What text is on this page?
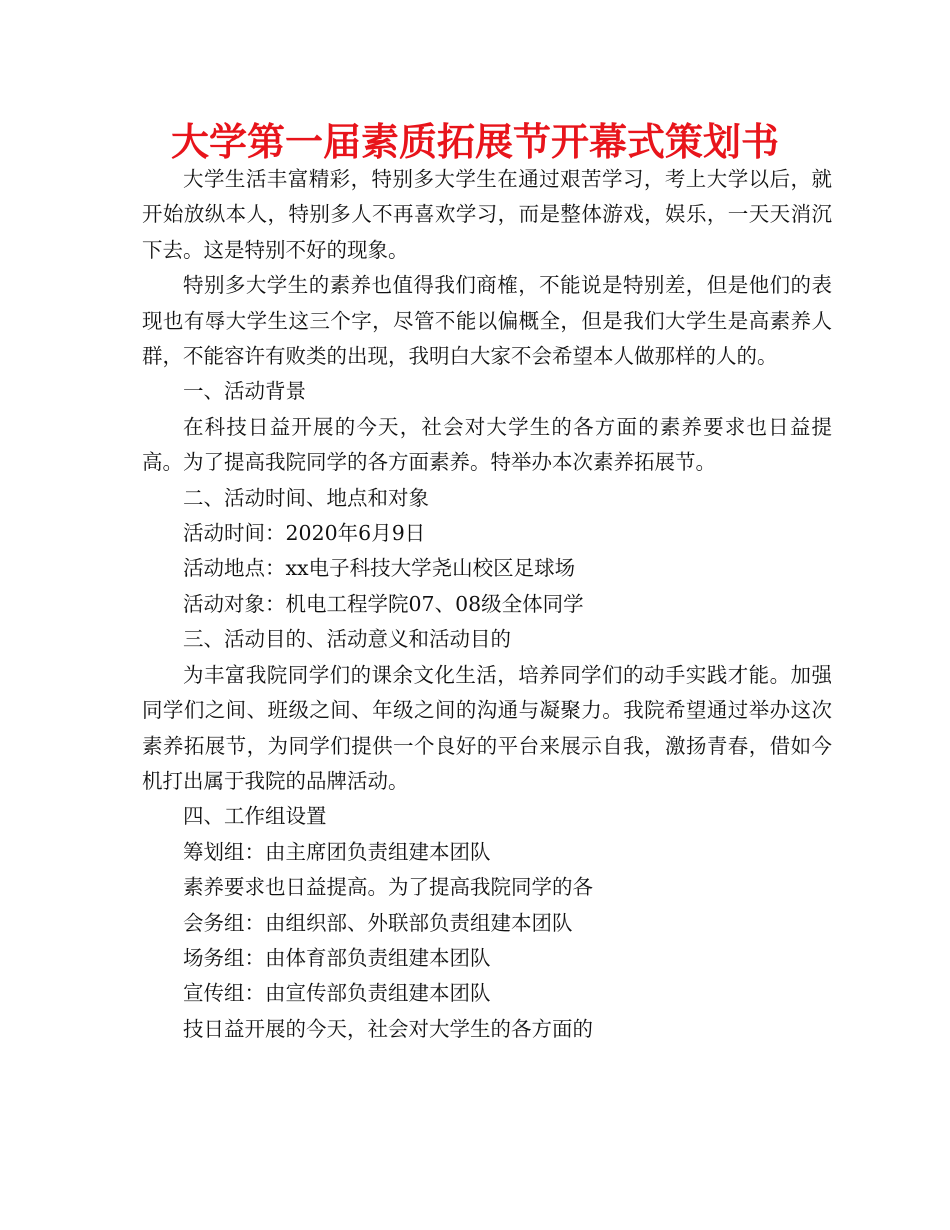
大学第一届素质拓展节开幕式策划书

大学生活丰富精彩，特别多大学生在通过艰苦学习，考上大学以后，就开始放纵本人，特别多人不再喜欢学习，而是整体游戏，娱乐，一天天消沉下去。这是特别不好的现象。

特别多大学生的素养也值得我们商榷，不能说是特别差，但是他们的表现也有辱大学生这三个字，尽管不能以偏概全，但是我们大学生是高素养人群，不能容许有败类的出现，我明白大家不会希望本人做那样的人的。

一、活动背景

在科技日益开展的今天，社会对大学生的各方面的素养要求也日益提高。为了提高我院同学的各方面素养。特举办本次素养拓展节。

二、活动时间、地点和对象

活动时间：2020年6月9日

活动地点：xx电子科技大学尧山校区足球场

活动对象：机电工程学院07、08级全体同学

三、活动目的、活动意义和活动目的

为丰富我院同学们的课余文化生活，培养同学们的动手实践才能。加强同学们之间、班级之间、年级之间的沟通与凝聚力。我院希望通过举办这次素养拓展节，为同学们提供一个良好的平台来展示自我，激扬青春，借如今机打出属于我院的品牌活动。

四、工作组设置

筹划组：由主席团负责组建本团队

素养要求也日益提高。为了提高我院同学的各

会务组：由组织部、外联部负责组建本团队

场务组：由体育部负责组建本团队

宣传组：由宣传部负责组建本团队

技日益开展的今天，社会对大学生的各方面的
